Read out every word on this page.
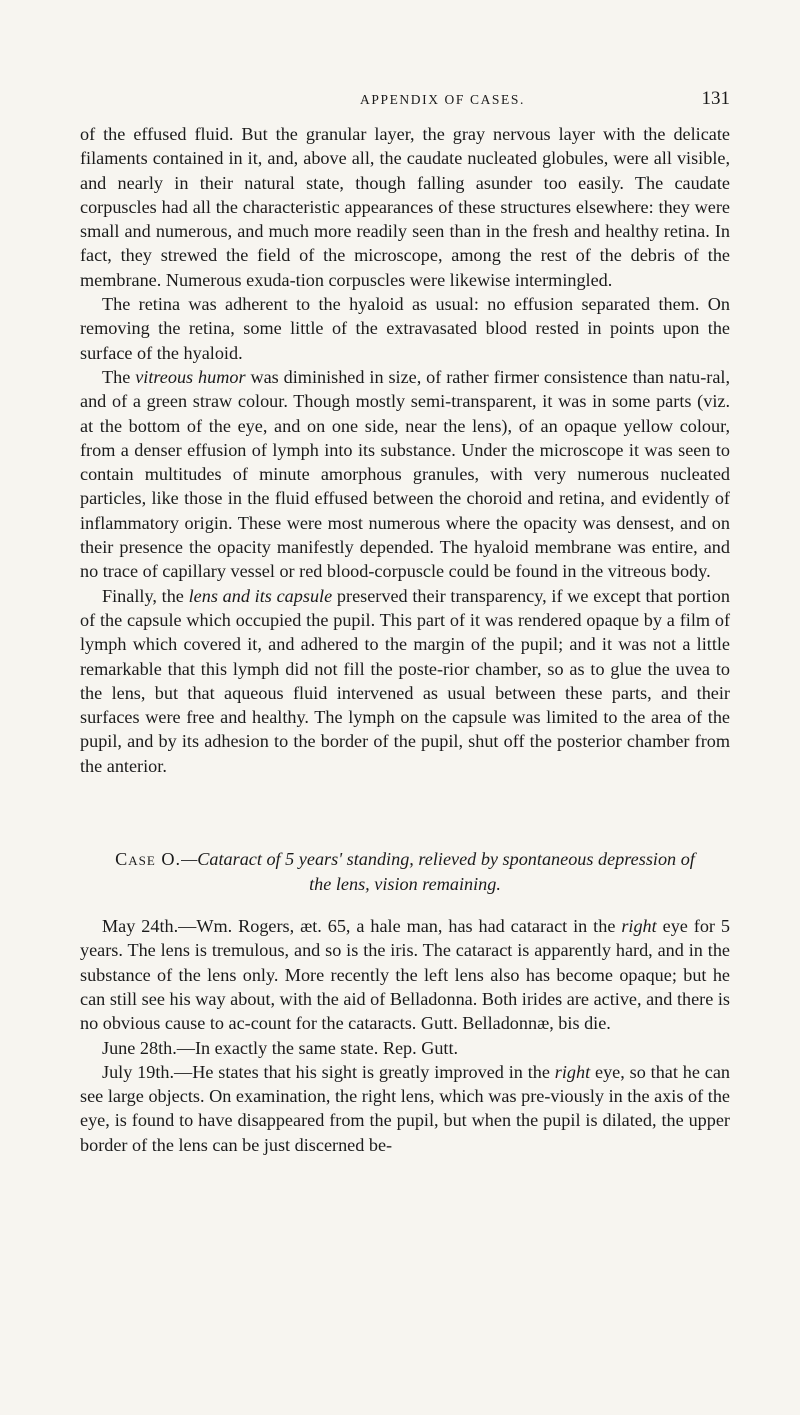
APPENDIX OF CASES.	131

of the effused fluid. But the granular layer, the gray nervous layer with the delicate filaments contained in it, and, above all, the caudate nucleated globules, were all visible, and nearly in their natural state, though falling asunder too easily. The caudate corpuscles had all the characteristic appearances of these structures elsewhere: they were small and numerous, and much more readily seen than in the fresh and healthy retina. In fact, they strewed the field of the microscope, among the rest of the debris of the membrane. Numerous exuda-tion corpuscles were likewise intermingled.

The retina was adherent to the hyaloid as usual: no effusion separated them. On removing the retina, some little of the extravasated blood rested in points upon the surface of the hyaloid.

The vitreous humor was diminished in size, of rather firmer consistence than natu-ral, and of a green straw colour. Though mostly semi-transparent, it was in some parts (viz. at the bottom of the eye, and on one side, near the lens), of an opaque yellow colour, from a denser effusion of lymph into its substance. Under the microscope it was seen to contain multitudes of minute amorphous granules, with very numerous nucleated particles, like those in the fluid effused between the choroid and retina, and evidently of inflammatory origin. These were most numerous where the opacity was densest, and on their presence the opacity manifestly depended. The hyaloid membrane was entire, and no trace of capillary vessel or red blood-corpuscle could be found in the vitreous body.

Finally, the lens and its capsule preserved their transparency, if we except that portion of the capsule which occupied the pupil. This part of it was rendered opaque by a film of lymph which covered it, and adhered to the margin of the pupil; and it was not a little remarkable that this lymph did not fill the poste-rior chamber, so as to glue the uvea to the lens, but that aqueous fluid intervened as usual between these parts, and their surfaces were free and healthy. The lymph on the capsule was limited to the area of the pupil, and by its adhesion to the border of the pupil, shut off the posterior chamber from the anterior.

Case O.—Cataract of 5 years' standing, relieved by spontaneous depression of
the lens, vision remaining.

May 24th.—Wm. Rogers, æt. 65, a hale man, has had cataract in the right eye for 5 years. The lens is tremulous, and so is the iris. The cataract is apparently hard, and in the substance of the lens only. More recently the left lens also has become opaque; but he can still see his way about, with the aid of Belladonna. Both irides are active, and there is no obvious cause to ac-count for the cataracts. Gutt. Belladonnæ, bis die.

June 28th.—In exactly the same state. Rep. Gutt.

July 19th.—He states that his sight is greatly improved in the right eye, so that he can see large objects. On examination, the right lens, which was pre-viously in the axis of the eye, is found to have disappeared from the pupil, but when the pupil is dilated, the upper border of the lens can be just discerned be-
